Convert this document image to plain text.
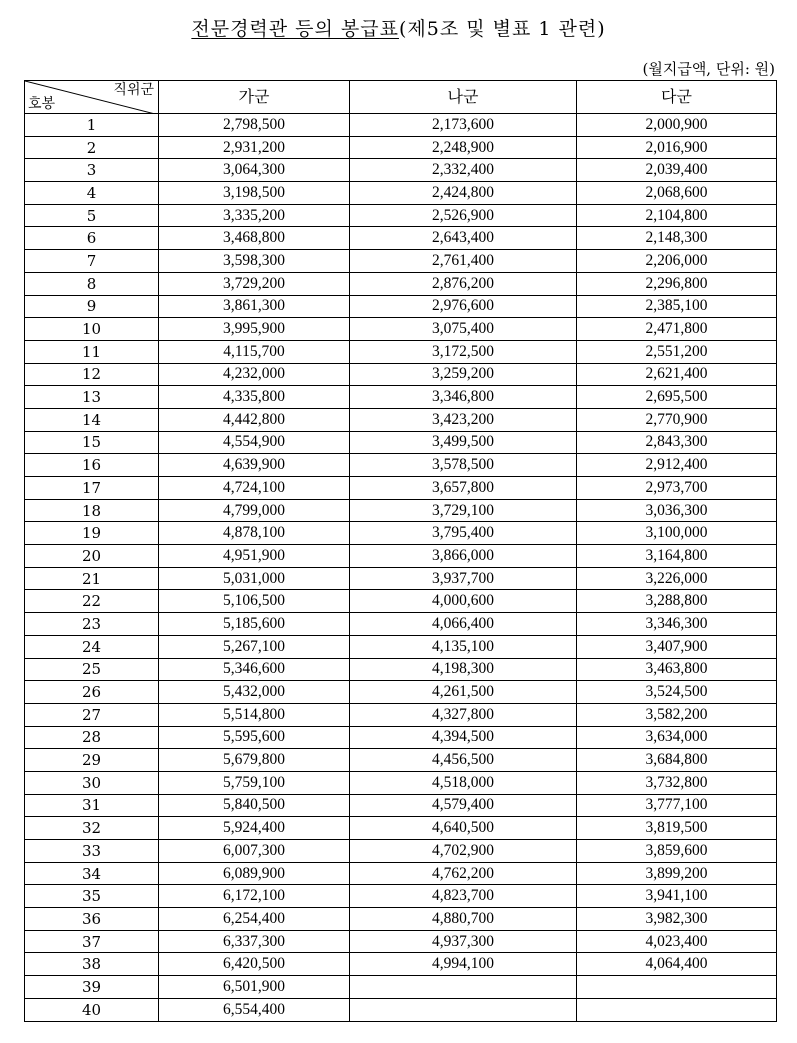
전문경력관 등의 봉급표(제5조 및 별표 1 관련)
(월지급액, 단위: 원)
직위군
호봉	가군	나군	다군
1	2,798,500	2,173,600	2,000,900
2	2,931,200	2,248,900	2,016,900
3	3,064,300	2,332,400	2,039,400
4	3,198,500	2,424,800	2,068,600
5	3,335,200	2,526,900	2,104,800
6	3,468,800	2,643,400	2,148,300
7	3,598,300	2,761,400	2,206,000
8	3,729,200	2,876,200	2,296,800
9	3,861,300	2,976,600	2,385,100
10	3,995,900	3,075,400	2,471,800
11	4,115,700	3,172,500	2,551,200
12	4,232,000	3,259,200	2,621,400
13	4,335,800	3,346,800	2,695,500
14	4,442,800	3,423,200	2,770,900
15	4,554,900	3,499,500	2,843,300
16	4,639,900	3,578,500	2,912,400
17	4,724,100	3,657,800	2,973,700
18	4,799,000	3,729,100	3,036,300
19	4,878,100	3,795,400	3,100,000
20	4,951,900	3,866,000	3,164,800
21	5,031,000	3,937,700	3,226,000
22	5,106,500	4,000,600	3,288,800
23	5,185,600	4,066,400	3,346,300
24	5,267,100	4,135,100	3,407,900
25	5,346,600	4,198,300	3,463,800
26	5,432,000	4,261,500	3,524,500
27	5,514,800	4,327,800	3,582,200
28	5,595,600	4,394,500	3,634,000
29	5,679,800	4,456,500	3,684,800
30	5,759,100	4,518,000	3,732,800
31	5,840,500	4,579,400	3,777,100
32	5,924,400	4,640,500	3,819,500
33	6,007,300	4,702,900	3,859,600
34	6,089,900	4,762,200	3,899,200
35	6,172,100	4,823,700	3,941,100
36	6,254,400	4,880,700	3,982,300
37	6,337,300	4,937,300	4,023,400
38	6,420,500	4,994,100	4,064,400
39	6,501,900		
40	6,554,400		
